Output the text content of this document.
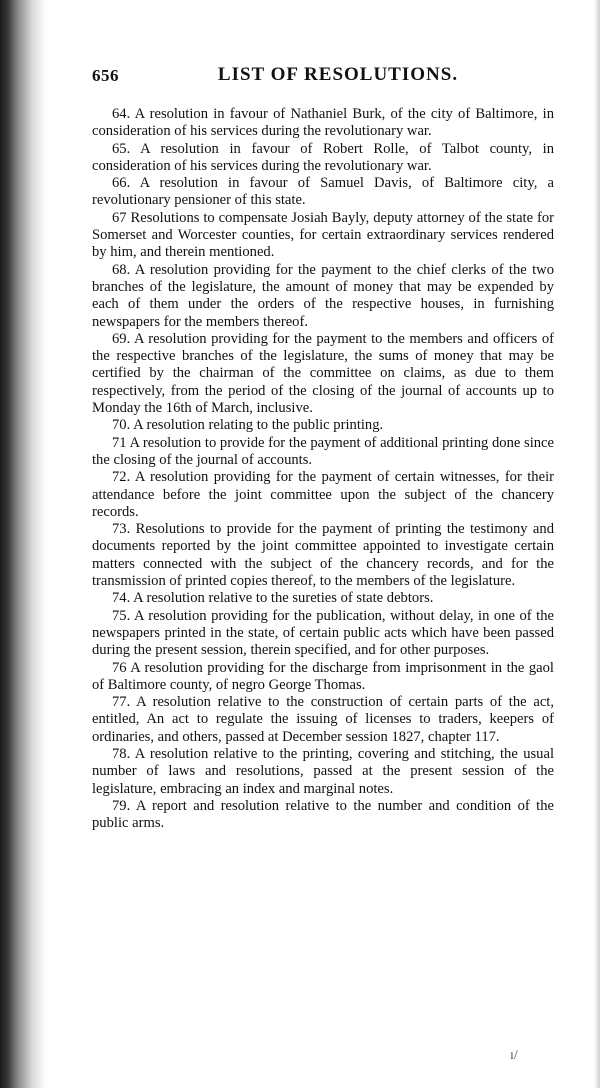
656	LIST OF RESOLUTIONS.

64. A resolution in favour of Nathaniel Burk, of the city of Baltimore, in consideration of his services during the revolutionary war.

65. A resolution in favour of Robert Rolle, of Talbot county, in consideration of his services during the revolutionary war.

66. A resolution in favour of Samuel Davis, of Baltimore city, a revolutionary pensioner of this state.

67 Resolutions to compensate Josiah Bayly, deputy attorney of the state for Somerset and Worcester counties, for certain extraordinary services rendered by him, and therein mentioned.

68. A resolution providing for the payment to the chief clerks of the two branches of the legislature, the amount of money that may be expended by each of them under the orders of the respective houses, in furnishing newspapers for the members thereof.

69. A resolution providing for the payment to the members and officers of the respective branches of the legislature, the sums of money that may be certified by the chairman of the committee on claims, as due to them respectively, from the period of the closing of the journal of accounts up to Monday the 16th of March, inclusive.

70. A resolution relating to the public printing.

71 A resolution to provide for the payment of additional printing done since the closing of the journal of accounts.

72. A resolution providing for the payment of certain witnesses, for their attendance before the joint committee upon the subject of the chancery records.

73. Resolutions to provide for the payment of printing the testimony and documents reported by the joint committee appointed to investigate certain matters connected with the subject of the chancery records, and for the transmission of printed copies thereof, to the members of the legislature.

74. A resolution relative to the sureties of state debtors.

75. A resolution providing for the publication, without delay, in one of the newspapers printed in the state, of certain public acts which have been passed during the present session, therein specified, and for other purposes.

76 A resolution providing for the discharge from imprisonment in the gaol of Baltimore county, of negro George Thomas.

77. A resolution relative to the construction of certain parts of the act, entitled, An act to regulate the issuing of licenses to traders, keepers of ordinaries, and others, passed at December session 1827, chapter 117.

78. A resolution relative to the printing, covering and stitching, the usual number of laws and resolutions, passed at the present session of the legislature, embracing an index and marginal notes.

79. A report and resolution relative to the number and condition of the public arms.

ı/
